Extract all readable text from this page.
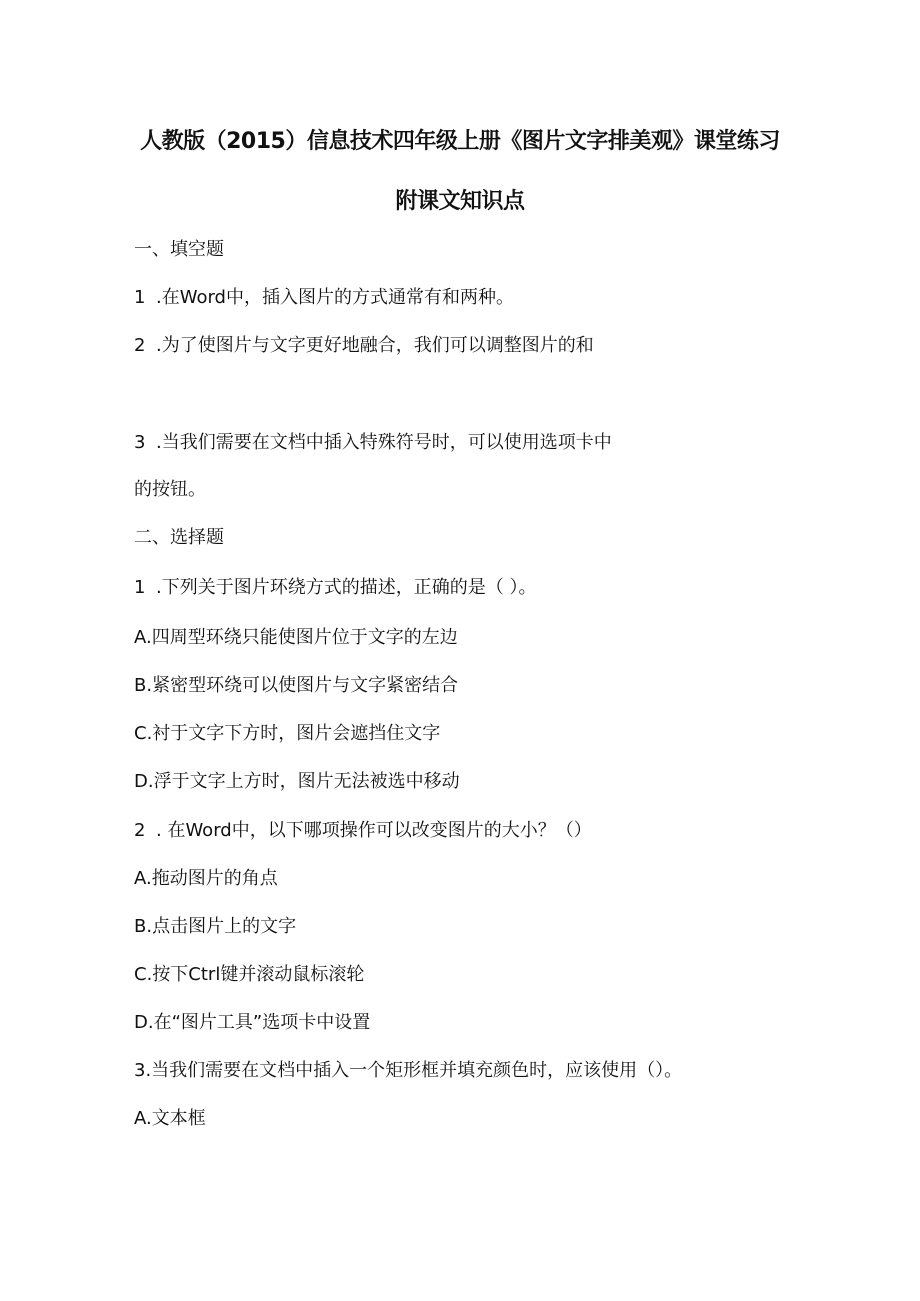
人教版（2015）信息技术四年级上册《图片文字排美观》课堂练习
附课文知识点
一、填空题
1 .在Word中，插入图片的方式通常有和两种。
2 .为了使图片与文字更好地融合，我们可以调整图片的和
3 .当我们需要在文档中插入特殊符号时，可以使用选项卡中
的按钮。
二、选择题
1 .下列关于图片环绕方式的描述，正确的是（ ）。
A.四周型环绕只能使图片位于文字的左边
B.紧密型环绕可以使图片与文字紧密结合
C.衬于文字下方时，图片会遮挡住文字
D.浮于文字上方时，图片无法被选中移动
2 . 在Word中，以下哪项操作可以改变图片的大小？（）
A.拖动图片的角点
B.点击图片上的文字
C.按下Ctrl键并滚动鼠标滚轮
D.在“图片工具”选项卡中设置
3.当我们需要在文档中插入一个矩形框并填充颜色时，应该使用（）。
A.文本框
